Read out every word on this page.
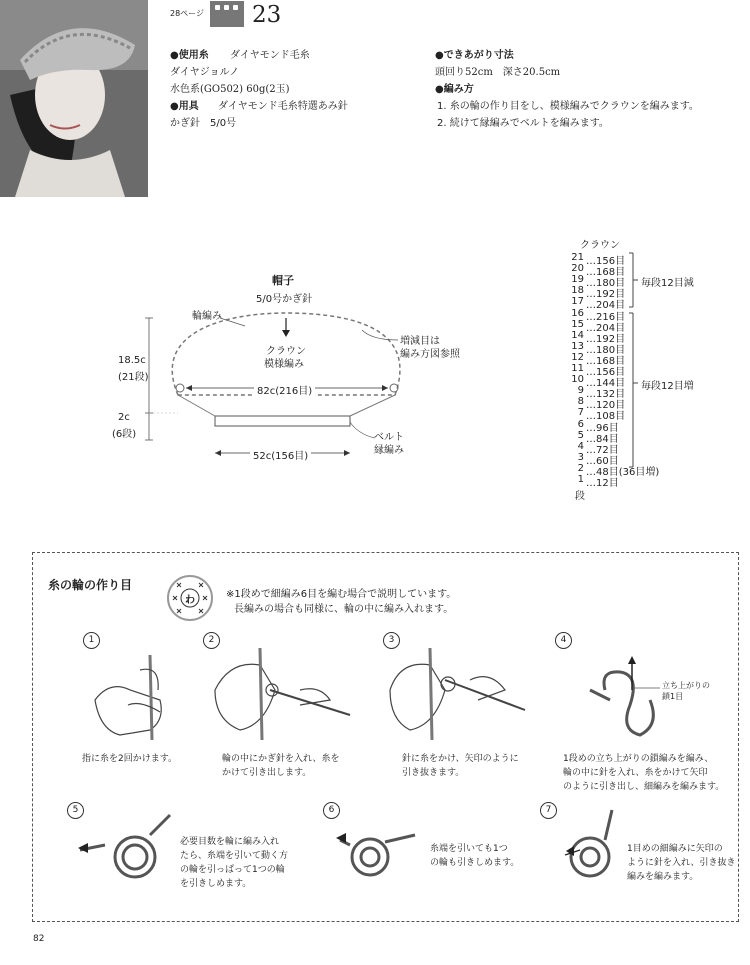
28ページ 23
●使用糸 ダイヤモンド毛糸
ダイヤジョルノ
水色系(GO502) 60g(2玉)
●用具 ダイヤモンド毛糸特選あみ針
かぎ針　5/0号
●できあがり寸法
頭回り52cm　深さ20.5cm
●編み方
1. 糸の輪の作り目をし、模様編みでクラウンを編みます。
2. 続けて縁編みでベルトを編みます。
帽子
5/0号かぎ針
輪編み
クラウン
模様編み
増減目は
編み方図参照
18.5c
(21段)
2c
(6段)
82c(216目)
52c(156目)
ベルト
縁編み
クラウン
21 …156目
20 …168目
19 …180目
18 …192目
17 …204目
16 …216目
15 …204目
14 …192目
13 …180目
12 …168目
11 …156目
10 …144目
9 …132目
8 …120目
7 …108目
6 …96目
5 …84目
4 …72目
3 …60目
2 …48目(36目増)
1 …12目
毎段12目減
毎段12目増
段
糸の輪の作り目
わ
※1段めで細編み6目を編む場合で説明しています。
長編みの場合も同様に、輪の中に編み入れます。
1
指に糸を2回かけます。
2
輪の中にかぎ針を入れ、糸を
かけて引き出します。
3
針に糸をかけ、矢印のように
引き抜きます。
4
1段めの立ち上がりの鎖編みを編み、
輪の中に針を入れ、糸をかけて矢印
のように引き出し、細編みを編みます。
立ち上がりの
鎖1目
5
必要目数を輪に編み入れ
たら、糸端を引いて動く方
の輪を引っぱって1つの輪
を引きしめます。
6
糸端を引いても1つ
の輪も引きしめます。
7
1目めの細編みに矢印の
ように針を入れ、引き抜き
編みを編みます。
82
